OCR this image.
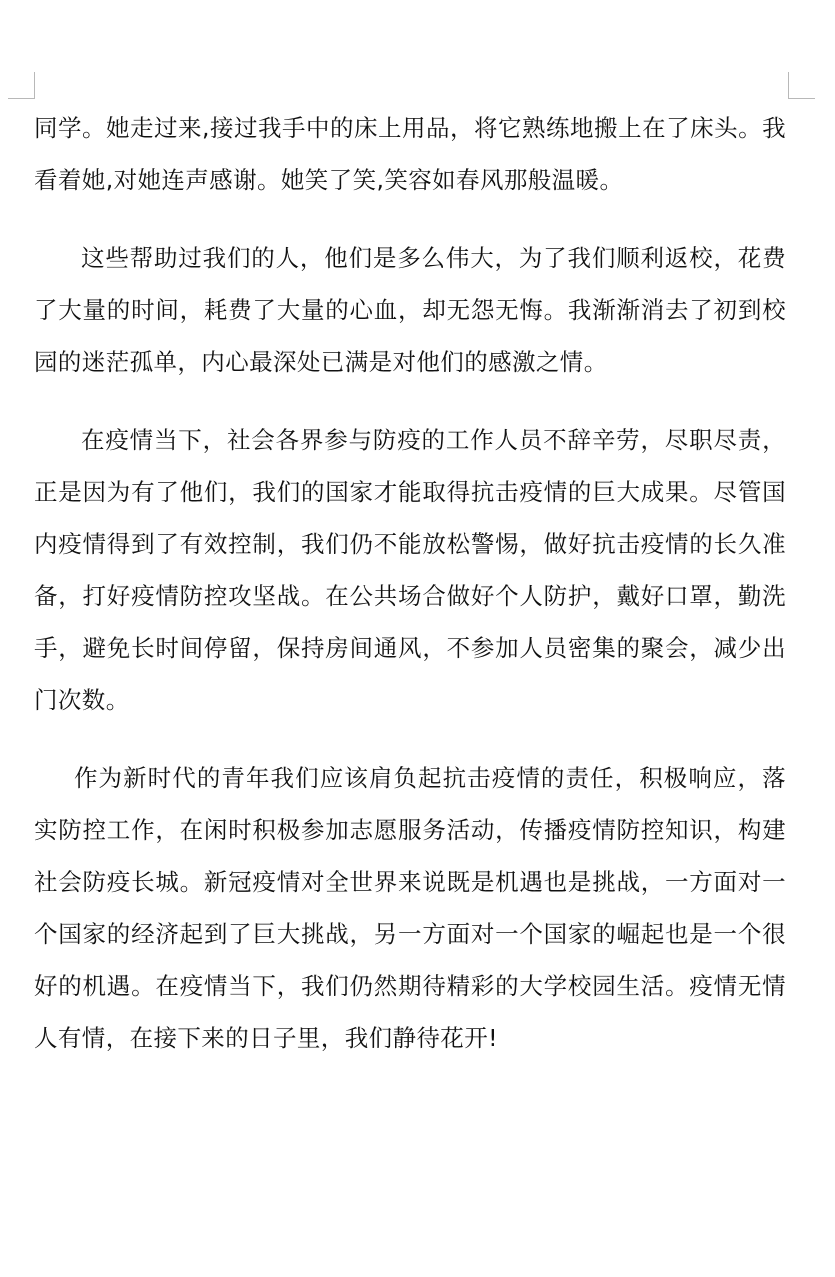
同学。她走过来,接过我手中的床上用品，将它熟练地搬上在了床头。我看着她,对她连声感谢。她笑了笑,笑容如春风那般温暖。

这些帮助过我们的人，他们是多么伟大，为了我们顺利返校，花费了大量的时间，耗费了大量的心血，却无怨无悔。我渐渐消去了初到校园的迷茫孤单，内心最深处已满是对他们的感激之情。

在疫情当下，社会各界参与防疫的工作人员不辞辛劳，尽职尽责，正是因为有了他们，我们的国家才能取得抗击疫情的巨大成果。尽管国内疫情得到了有效控制，我们仍不能放松警惕，做好抗击疫情的长久准备，打好疫情防控攻坚战。在公共场合做好个人防护，戴好口罩，勤洗手，避免长时间停留，保持房间通风，不参加人员密集的聚会，减少出门次数。

作为新时代的青年我们应该肩负起抗击疫情的责任，积极响应，落实防控工作，在闲时积极参加志愿服务活动，传播疫情防控知识，构建社会防疫长城。新冠疫情对全世界来说既是机遇也是挑战，一方面对一个国家的经济起到了巨大挑战，另一方面对一个国家的崛起也是一个很好的机遇。在疫情当下，我们仍然期待精彩的大学校园生活。疫情无情人有情，在接下来的日子里，我们静待花开!
